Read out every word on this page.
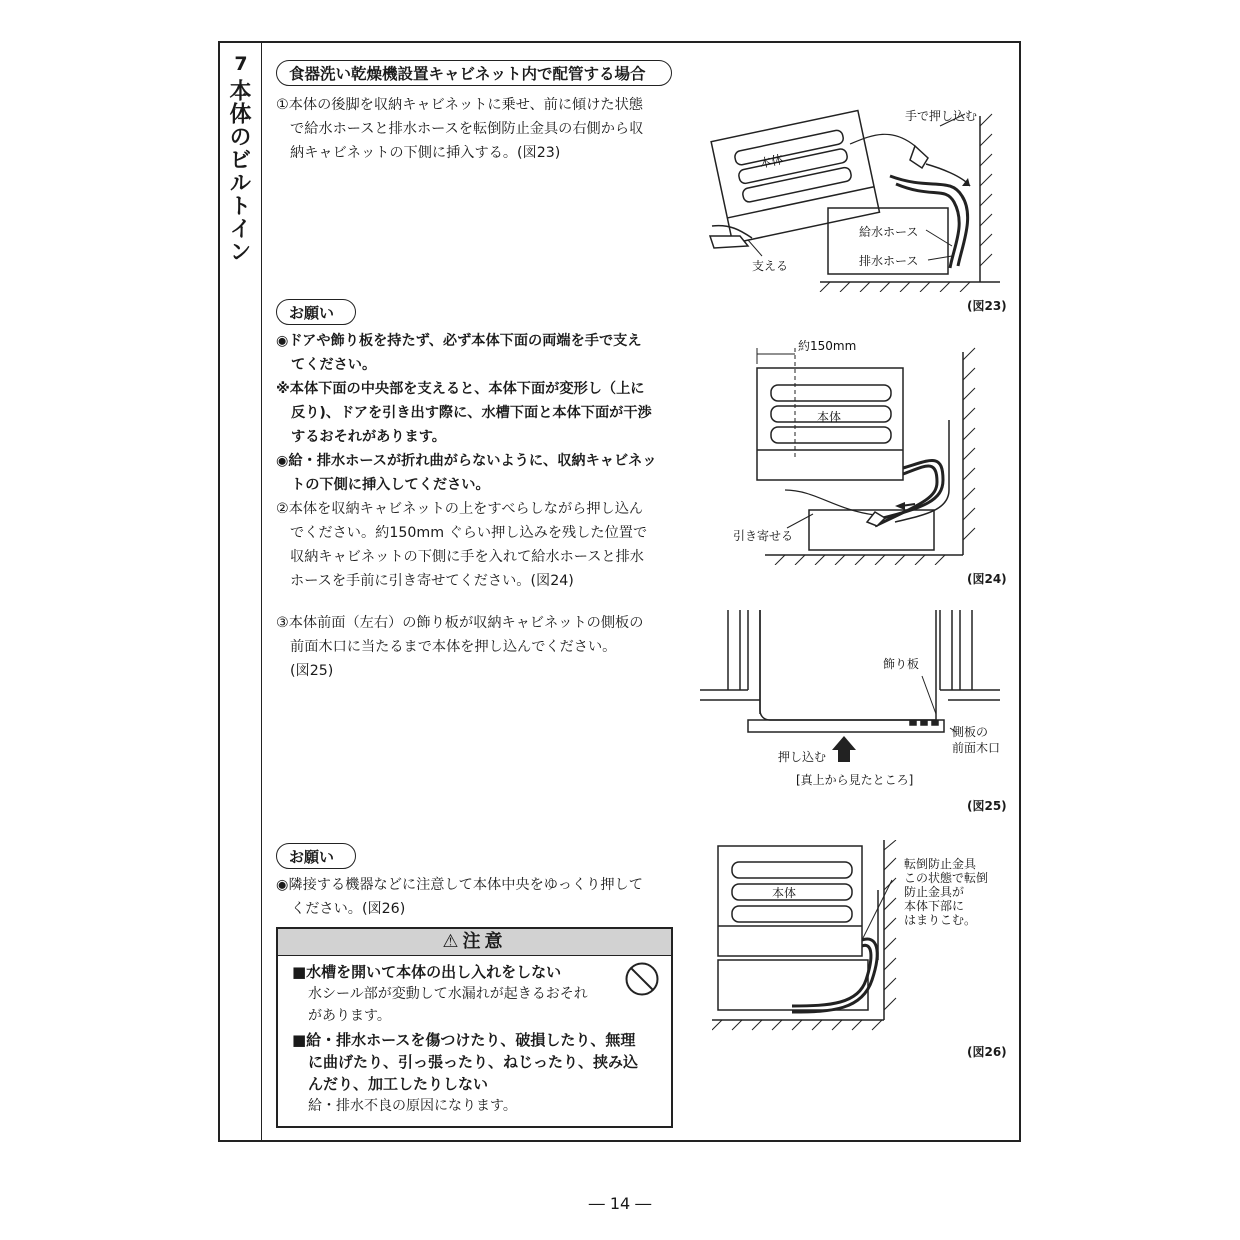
7
本体のビルトイン
食器洗い乾燥機設置キャビネット内で配管する場合

①本体の後脚を収納キャビネットに乗せ、前に傾けた状態

で給水ホースと排水ホースを転倒防止金具の右側から収

納キャビネットの下側に挿入する。(図23)

お願い

◉ドアや飾り板を持たず、必ず本体下面の両端を手で支え

てください。

※本体下面の中央部を支えると、本体下面が変形し（上に

反り)、ドアを引き出す際に、水槽下面と本体下面が干渉

するおそれがあります。

◉給・排水ホースが折れ曲がらないように、収納キャビネッ

トの下側に挿入してください。

②本体を収納キャビネットの上をすべらしながら押し込ん

でください。約150mm ぐらい押し込みを残した位置で

収納キャビネットの下側に手を入れて給水ホースと排水

ホースを手前に引き寄せてください。(図24)

③本体前面（左右）の飾り板が収納キャビネットの側板の

前面木口に当たるまで本体を押し込んでください。

(図25)

お願い

◉隣接する機器などに注意して本体中央をゆっくり押して

ください。(図26)

⚠注意
■水槽を開いて本体の出し入れをしない
水シール部が変動して水漏れが起きるおそれ
があります。
■給・排水ホースを傷つけたり、破損したり、無理
に曲げたり、引っ張ったり、ねじったり、挟み込
んだり、加工したりしない
給・排水不良の原因になります。
(図23)
(図24)
(図25)
(図26)
本体
手で押し込む
給水ホース
排水ホース
支える
約150mm
本体
引き寄せる
飾り板
側板の
前面木口
押し込む
[真上から見たところ]
本体
転倒防止金具
この状態で転倒
防止金具が
本体下部に
はまりこむ。
― 14 ―
